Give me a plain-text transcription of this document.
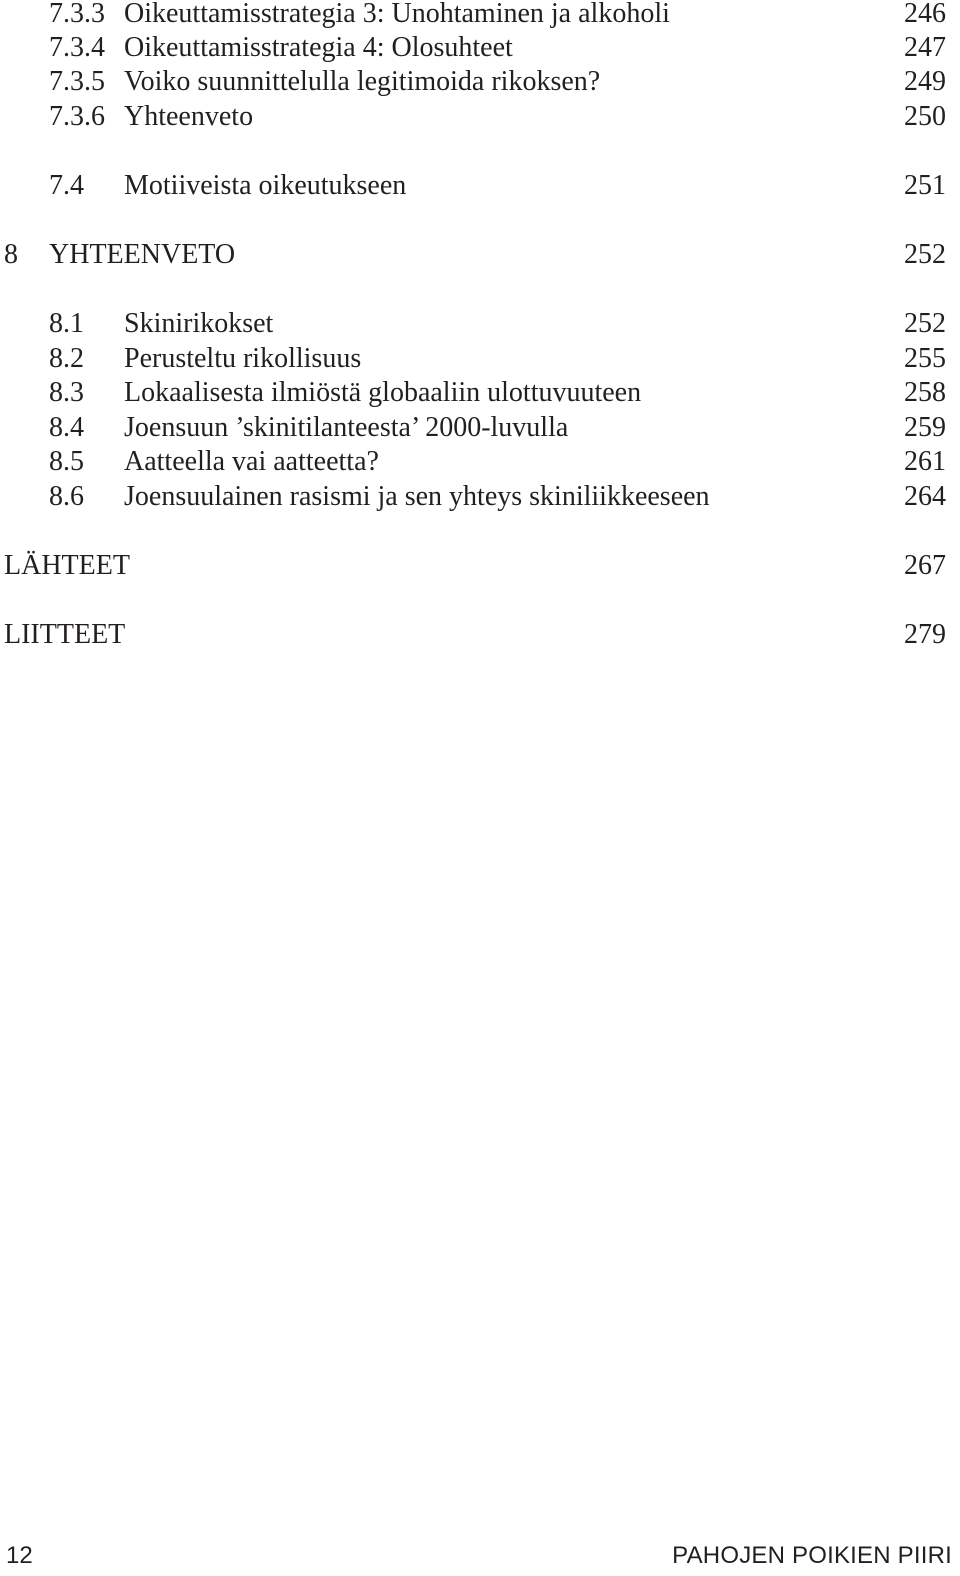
7.3.3 Oikeuttamisstrategia 3: Unohtaminen ja alkoholi	246
7.3.4 Oikeuttamisstrategia 4: Olosuhteet	247
7.3.5 Voiko suunnittelulla legitimoida rikoksen?	249
7.3.6 Yhteenveto	250
7.4 Motiiveista oikeutukseen	251
8 YHTEENVETO	252
8.1 Skinirikokset	252
8.2 Perusteltu rikollisuus	255
8.3 Lokaalisesta ilmiöstä globaaliin ulottuvuuteen	258
8.4 Joensuun ’skinitilanteesta’ 2000-luvulla	259
8.5 Aatteella vai aatteetta?	261
8.6 Joensuulainen rasismi ja sen yhteys skiniliikkeeseen	264
LÄHTEET	267
LIITTEET	279
12	PAHOJEN POIKIEN PIIRI
